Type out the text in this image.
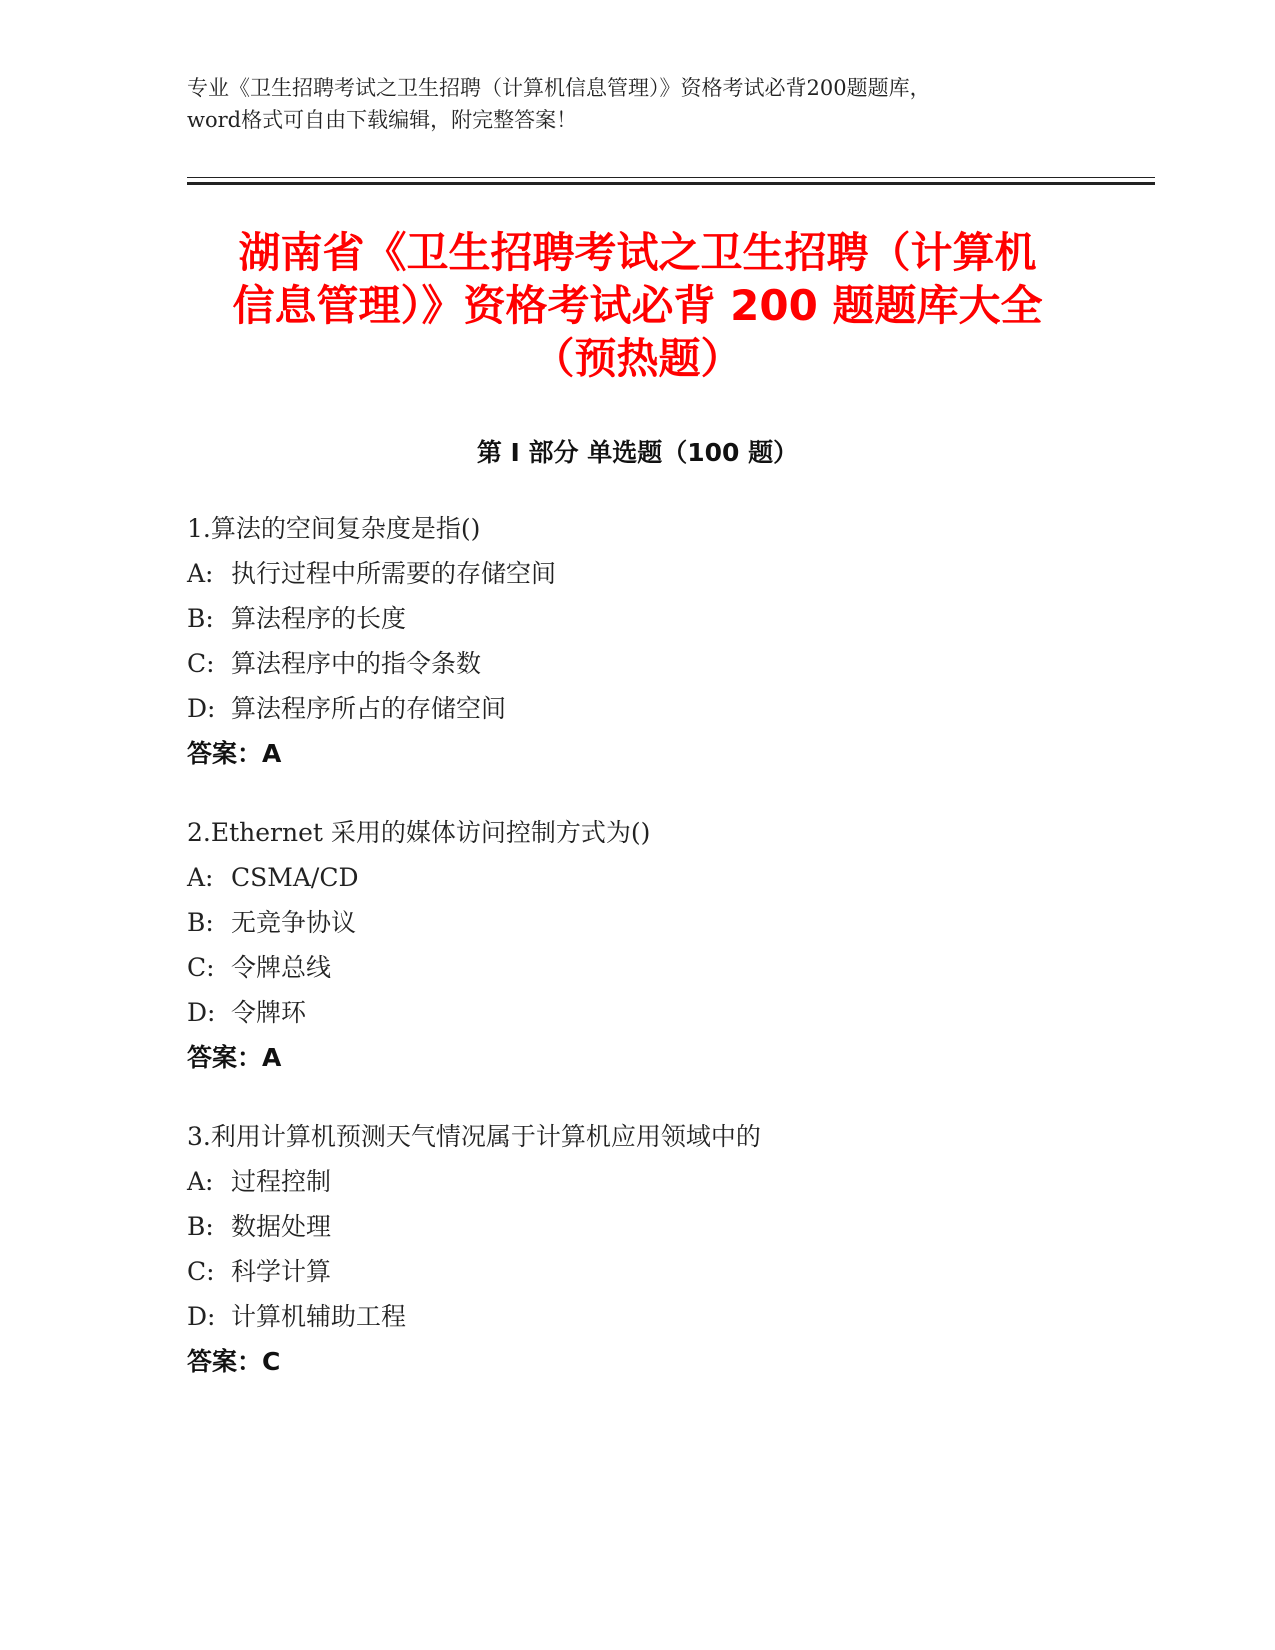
专业《卫生招聘考试之卫生招聘（计算机信息管理）》资格考试必背200题题库，
word格式可自由下载编辑，附完整答案！
湖南省《卫生招聘考试之卫生招聘（计算机
信息管理）》资格考试必背 200 题题库大全
（预热题）
第 I 部分 单选题（100 题）
1.算法的空间复杂度是指()
A: 执行过程中所需要的存储空间
B: 算法程序的长度
C: 算法程序中的指令条数
D: 算法程序所占的存储空间
答案：A
2.Ethernet 采用的媒体访问控制方式为()
A: CSMA/CD
B: 无竞争协议
C: 令牌总线
D: 令牌环
答案：A
3.利用计算机预测天气情况属于计算机应用领域中的
A: 过程控制
B: 数据处理
C: 科学计算
D: 计算机辅助工程
答案：C
